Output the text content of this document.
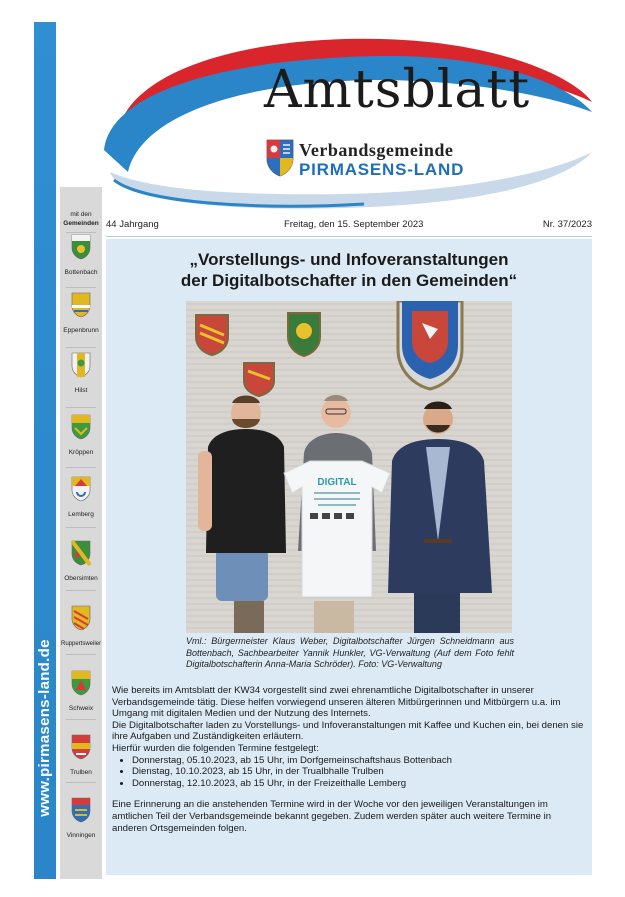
www.pirmasens-land.de
mit den
Gemeinden
Bottenbach
Eppenbrunn
Hilst
Kröppen
Lemberg
Obersimten
Ruppertsweiler
Schweix
Trulben
Vinningen
Amtsblatt
Verbandsgemeinde
PIRMASENS-LAND
44 Jahrgang	Freitag, den 15. September 2023	Nr. 37/2023
„Vorstellungs- und Infoveranstaltungen
der Digitalbotschafter in den Gemeinden“
DIGITAL
Vml.: Bürgermeister Klaus Weber, Digitalbotschafter Jürgen Schneidmann aus Bottenbach, Sachbearbeiter Yannik Hunkler, VG-Verwaltung (Auf dem Foto fehlt Digitalbotschafterin Anna-Maria Schröder). Foto: VG-Verwaltung

Wie bereits im Amtsblatt der KW34 vorgestellt sind zwei ehrenamtliche Digitalbotschafter in unserer Verbandsgemeinde tätig. Diese helfen vorwiegend unseren älteren Mitbürgerinnen und Mitbürgern u.a. im Umgang mit digitalen Medien und der Nutzung des Internets.

Die Digitalbotschafter laden zu Vorstellungs- und Infoveranstaltungen mit Kaffee und Kuchen ein, bei denen sie ihre Aufgaben und Zuständigkeiten erläutern.

Hierfür wurden die folgenden Termine festgelegt:

• Donnerstag, 05.10.2023, ab 15 Uhr, im Dorfgemeinschaftshaus Bottenbach
• Dienstag, 10.10.2023, ab 15 Uhr, in der Trualbhalle Trulben
• Donnerstag, 12.10.2023, ab 15 Uhr, in der Freizeithalle Lemberg

Eine Erinnerung an die anstehenden Termine wird in der Woche vor den jeweiligen Veranstaltungen im amtlichen Teil der Verbandsgemeinde bekannt gegeben. Zudem werden später auch weitere Termine in anderen Ortsgemeinden folgen.
